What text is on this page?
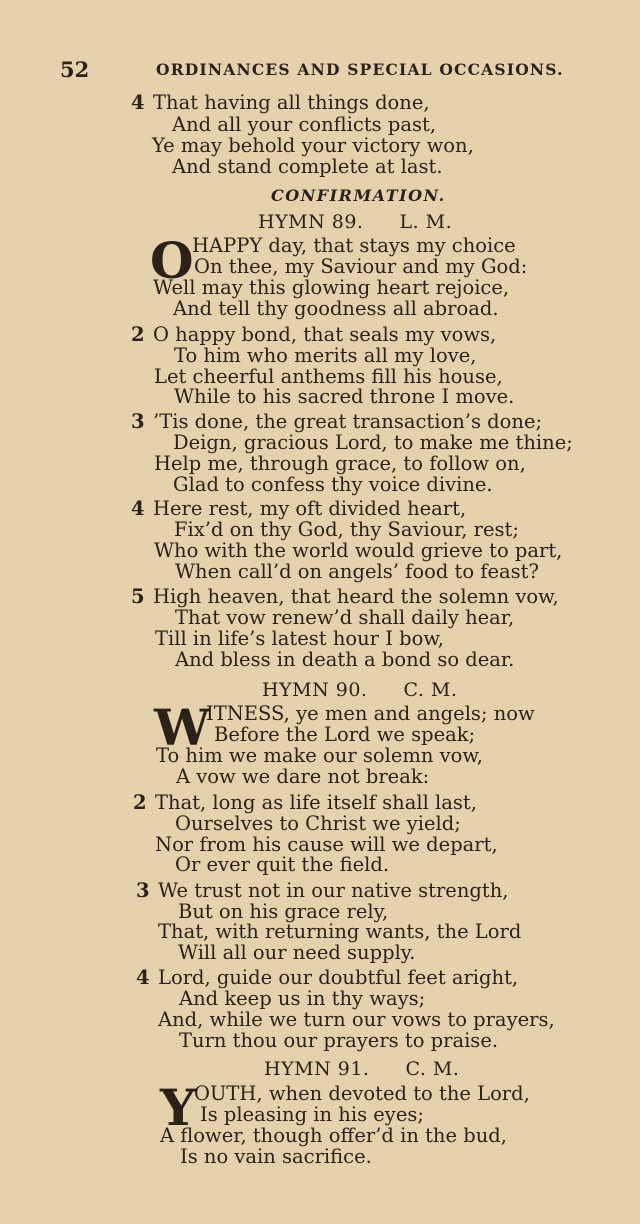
52	ORDINANCES AND SPECIAL OCCASIONS.
4 That having all things done,
And all your conflicts past,
Ye may behold your victory won,
And stand complete at last.
CONFIRMATION.
HYMN 89. L. M.
O
HAPPY day, that stays my choice
On thee, my Saviour and my God:
Well may this glowing heart rejoice,
And tell thy goodness all abroad.
2 O happy bond, that seals my vows,
To him who merits all my love,
Let cheerful anthems fill his house,
While to his sacred throne I move.
3 ’Tis done, the great transaction’s done;
Deign, gracious Lord, to make me thine;
Help me, through grace, to follow on,
Glad to confess thy voice divine.
4 Here rest, my oft divided heart,
Fix’d on thy God, thy Saviour, rest;
Who with the world would grieve to part,
When call’d on angels’ food to feast?
5 High heaven, that heard the solemn vow,
That vow renew’d shall daily hear,
Till in life’s latest hour I bow,
And bless in death a bond so dear.
HYMN 90. C. M.
W
ITNESS, ye men and angels; now
Before the Lord we speak;
To him we make our solemn vow,
A vow we dare not break:
2 That, long as life itself shall last,
Ourselves to Christ we yield;
Nor from his cause will we depart,
Or ever quit the field.
3 We trust not in our native strength,
But on his grace rely,
That, with returning wants, the Lord
Will all our need supply.
4 Lord, guide our doubtful feet aright,
And keep us in thy ways;
And, while we turn our vows to prayers,
Turn thou our prayers to praise.
HYMN 91. C. M.
Y
OUTH, when devoted to the Lord,
Is pleasing in his eyes;
A flower, though offer’d in the bud,
Is no vain sacrifice.
